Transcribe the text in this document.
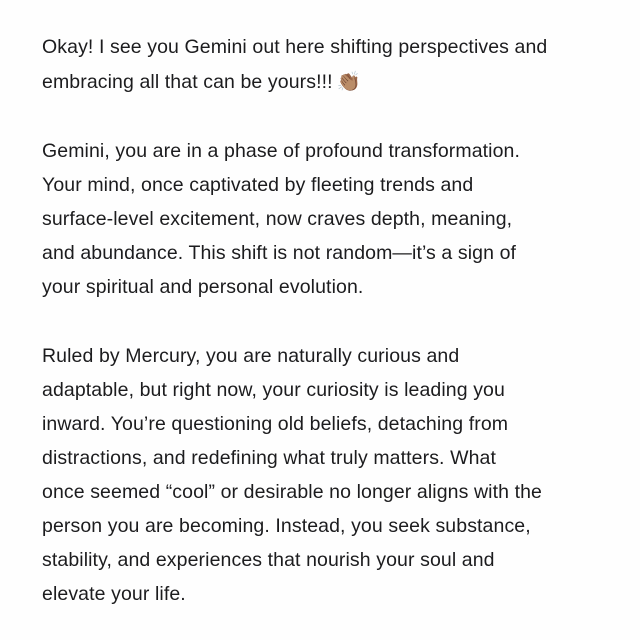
Okay! I see you Gemini out here shifting perspectives and
embracing all that can be yours!!! 👏🏽
Gemini, you are in a phase of profound transformation.
Your mind, once captivated by fleeting trends and
surface-level excitement, now craves depth, meaning,
and abundance. This shift is not random—it’s a sign of
your spiritual and personal evolution.
Ruled by Mercury, you are naturally curious and
adaptable, but right now, your curiosity is leading you
inward. You’re questioning old beliefs, detaching from
distractions, and redefining what truly matters. What
once seemed “cool” or desirable no longer aligns with the
person you are becoming. Instead, you seek substance,
stability, and experiences that nourish your soul and
elevate your life.
